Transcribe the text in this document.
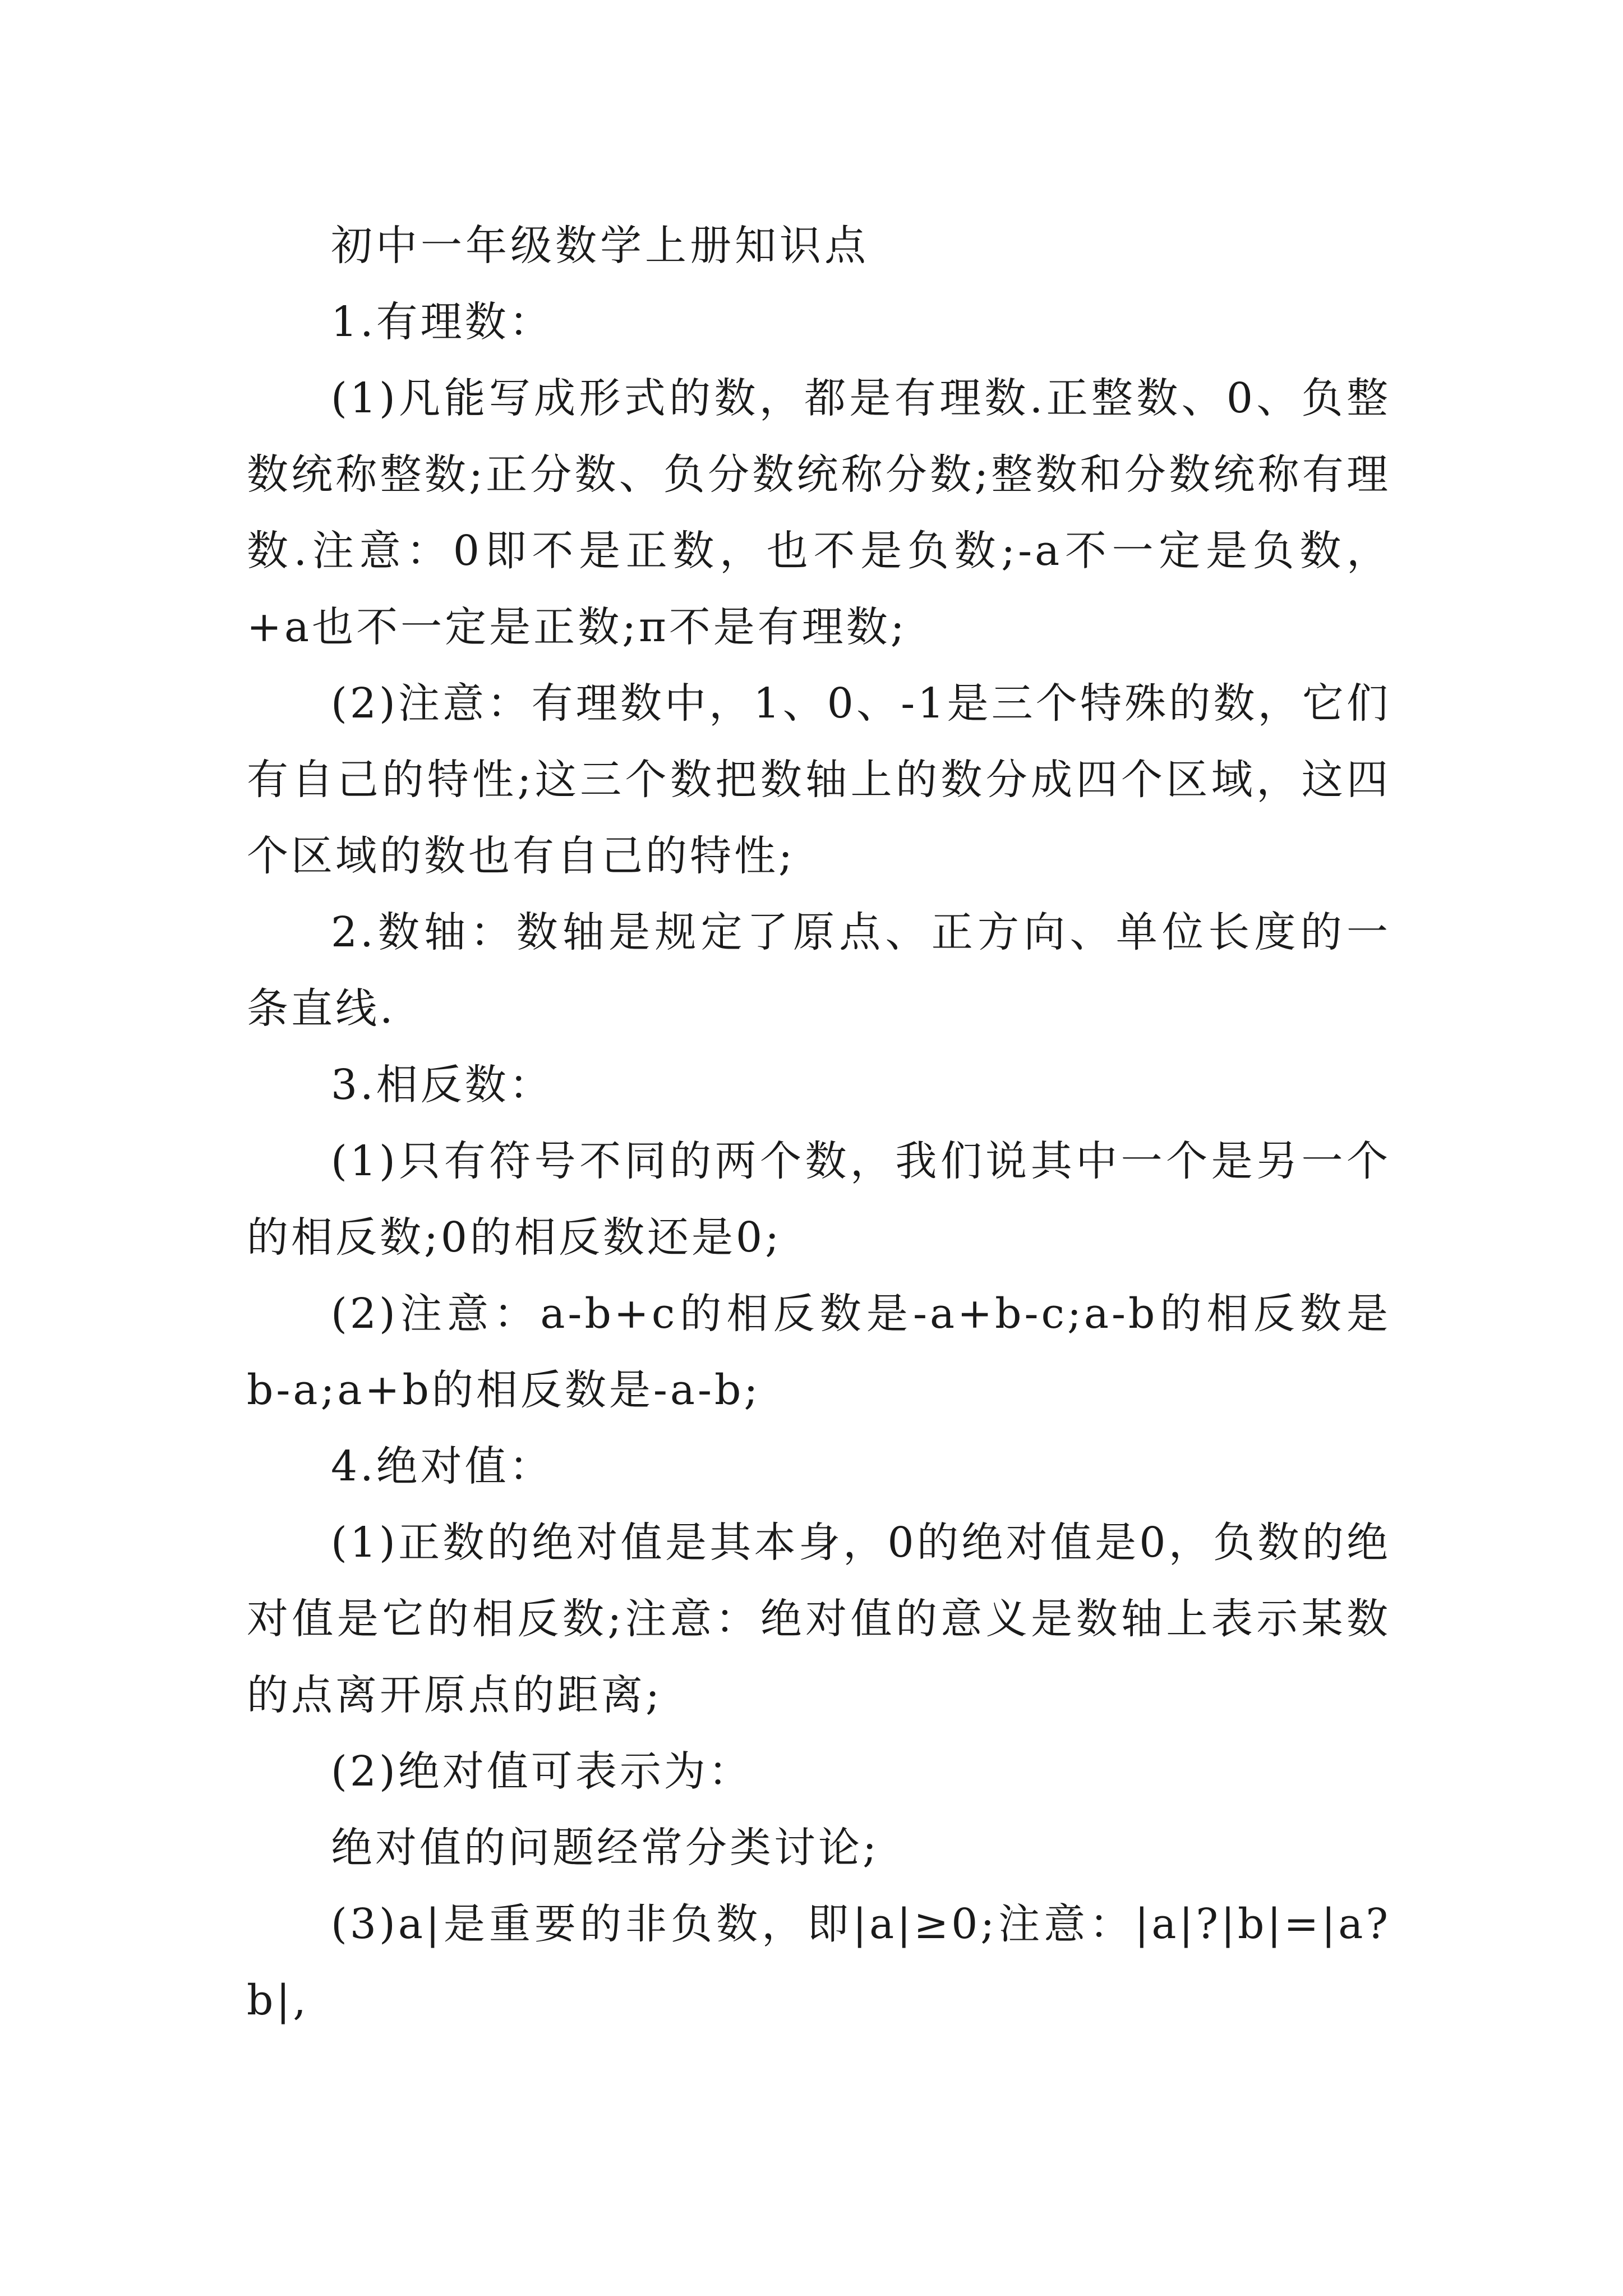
初中一年级数学上册知识点

1.有理数：

(1)凡能写成形式的数，都是有理数.正整数、0、负整数统称整数;正分数、负分数统称分数;整数和分数统称有理数.注意：0即不是正数，也不是负数;-a不一定是负数，+a也不一定是正数;π不是有理数;

(2)注意：有理数中，1、0、-1是三个特殊的数，它们有自己的特性;这三个数把数轴上的数分成四个区域，这四个区域的数也有自己的特性;

2.数轴：数轴是规定了原点、正方向、单位长度的一条直线.

3.相反数：

(1)只有符号不同的两个数，我们说其中一个是另一个的相反数;0的相反数还是0;

(2)注意：a-b+c的相反数是-a+b-c;a-b的相反数是b-a;a+b的相反数是-a-b;

4.绝对值：

(1)正数的绝对值是其本身，0的绝对值是0，负数的绝对值是它的相反数;注意：绝对值的意义是数轴上表示某数的点离开原点的距离;

(2)绝对值可表示为：

绝对值的问题经常分类讨论;

(3)a|是重要的非负数，即|a|≥0;注意：|a|?|b|=|a?b|,
